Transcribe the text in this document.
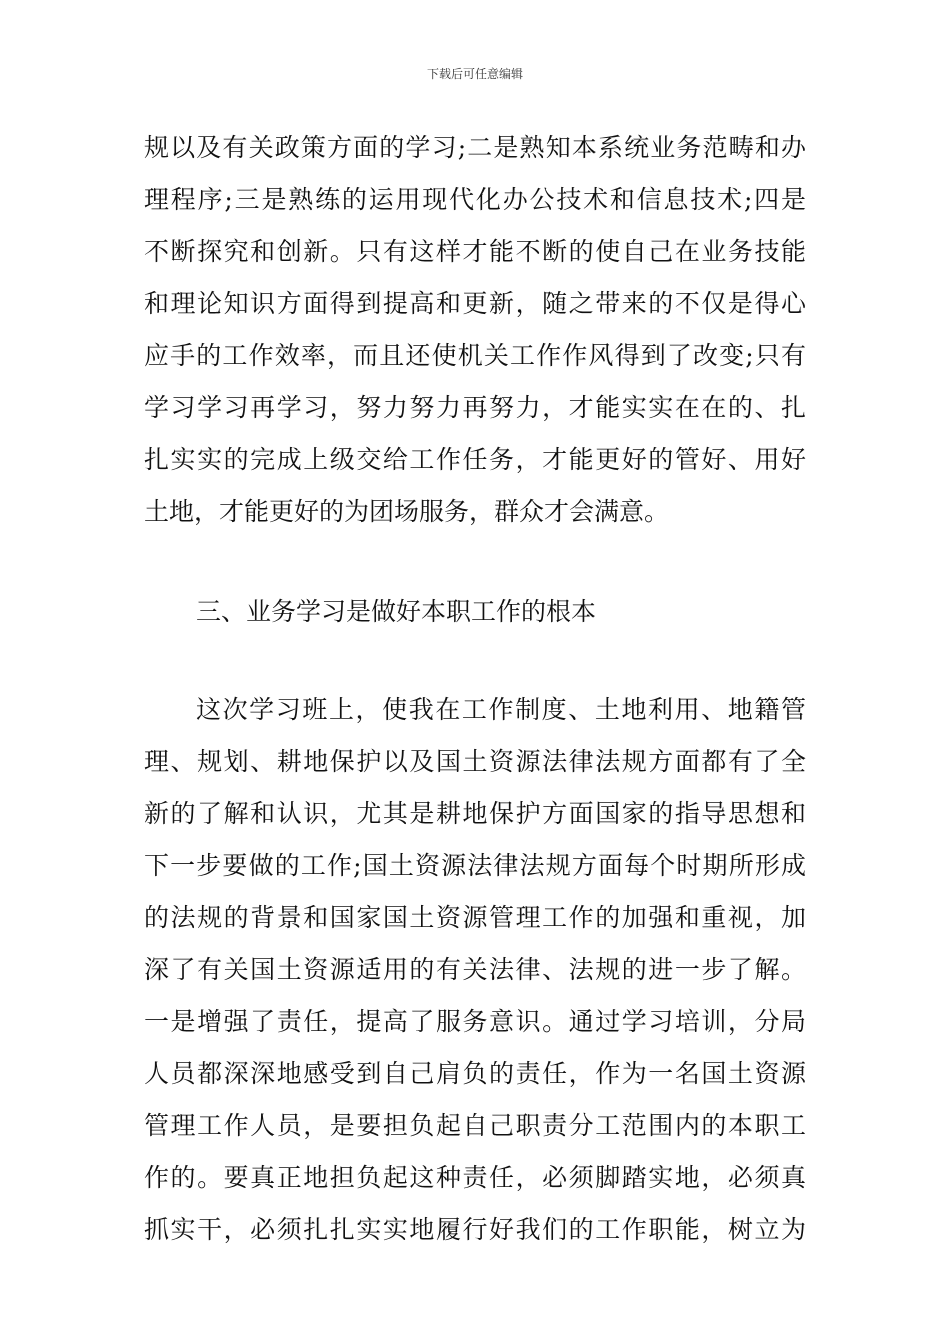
下载后可任意编辑
规以及有关政策方面的学习;二是熟知本系统业务范畴和办
理程序;三是熟练的运用现代化办公技术和信息技术;四是
不断探究和创新。只有这样才能不断的使自己在业务技能
和理论知识方面得到提高和更新，随之带来的不仅是得心
应手的工作效率，而且还使机关工作作风得到了改变;只有
学习学习再学习，努力努力再努力，才能实实在在的、扎
扎实实的完成上级交给工作任务，才能更好的管好、用好
土地，才能更好的为团场服务，群众才会满意。
三、业务学习是做好本职工作的根本
这次学习班上，使我在工作制度、土地利用、地籍管
理、规划、耕地保护以及国土资源法律法规方面都有了全
新的了解和认识，尤其是耕地保护方面国家的指导思想和
下一步要做的工作;国土资源法律法规方面每个时期所形成
的法规的背景和国家国土资源管理工作的加强和重视，加
深了有关国土资源适用的有关法律、法规的进一步了解。
一是增强了责任，提高了服务意识。通过学习培训，分局
人员都深深地感受到自己肩负的责任，作为一名国土资源
管理工作人员，是要担负起自己职责分工范围内的本职工
作的。要真正地担负起这种责任，必须脚踏实地，必须真
抓实干，必须扎扎实实地履行好我们的工作职能，树立为
